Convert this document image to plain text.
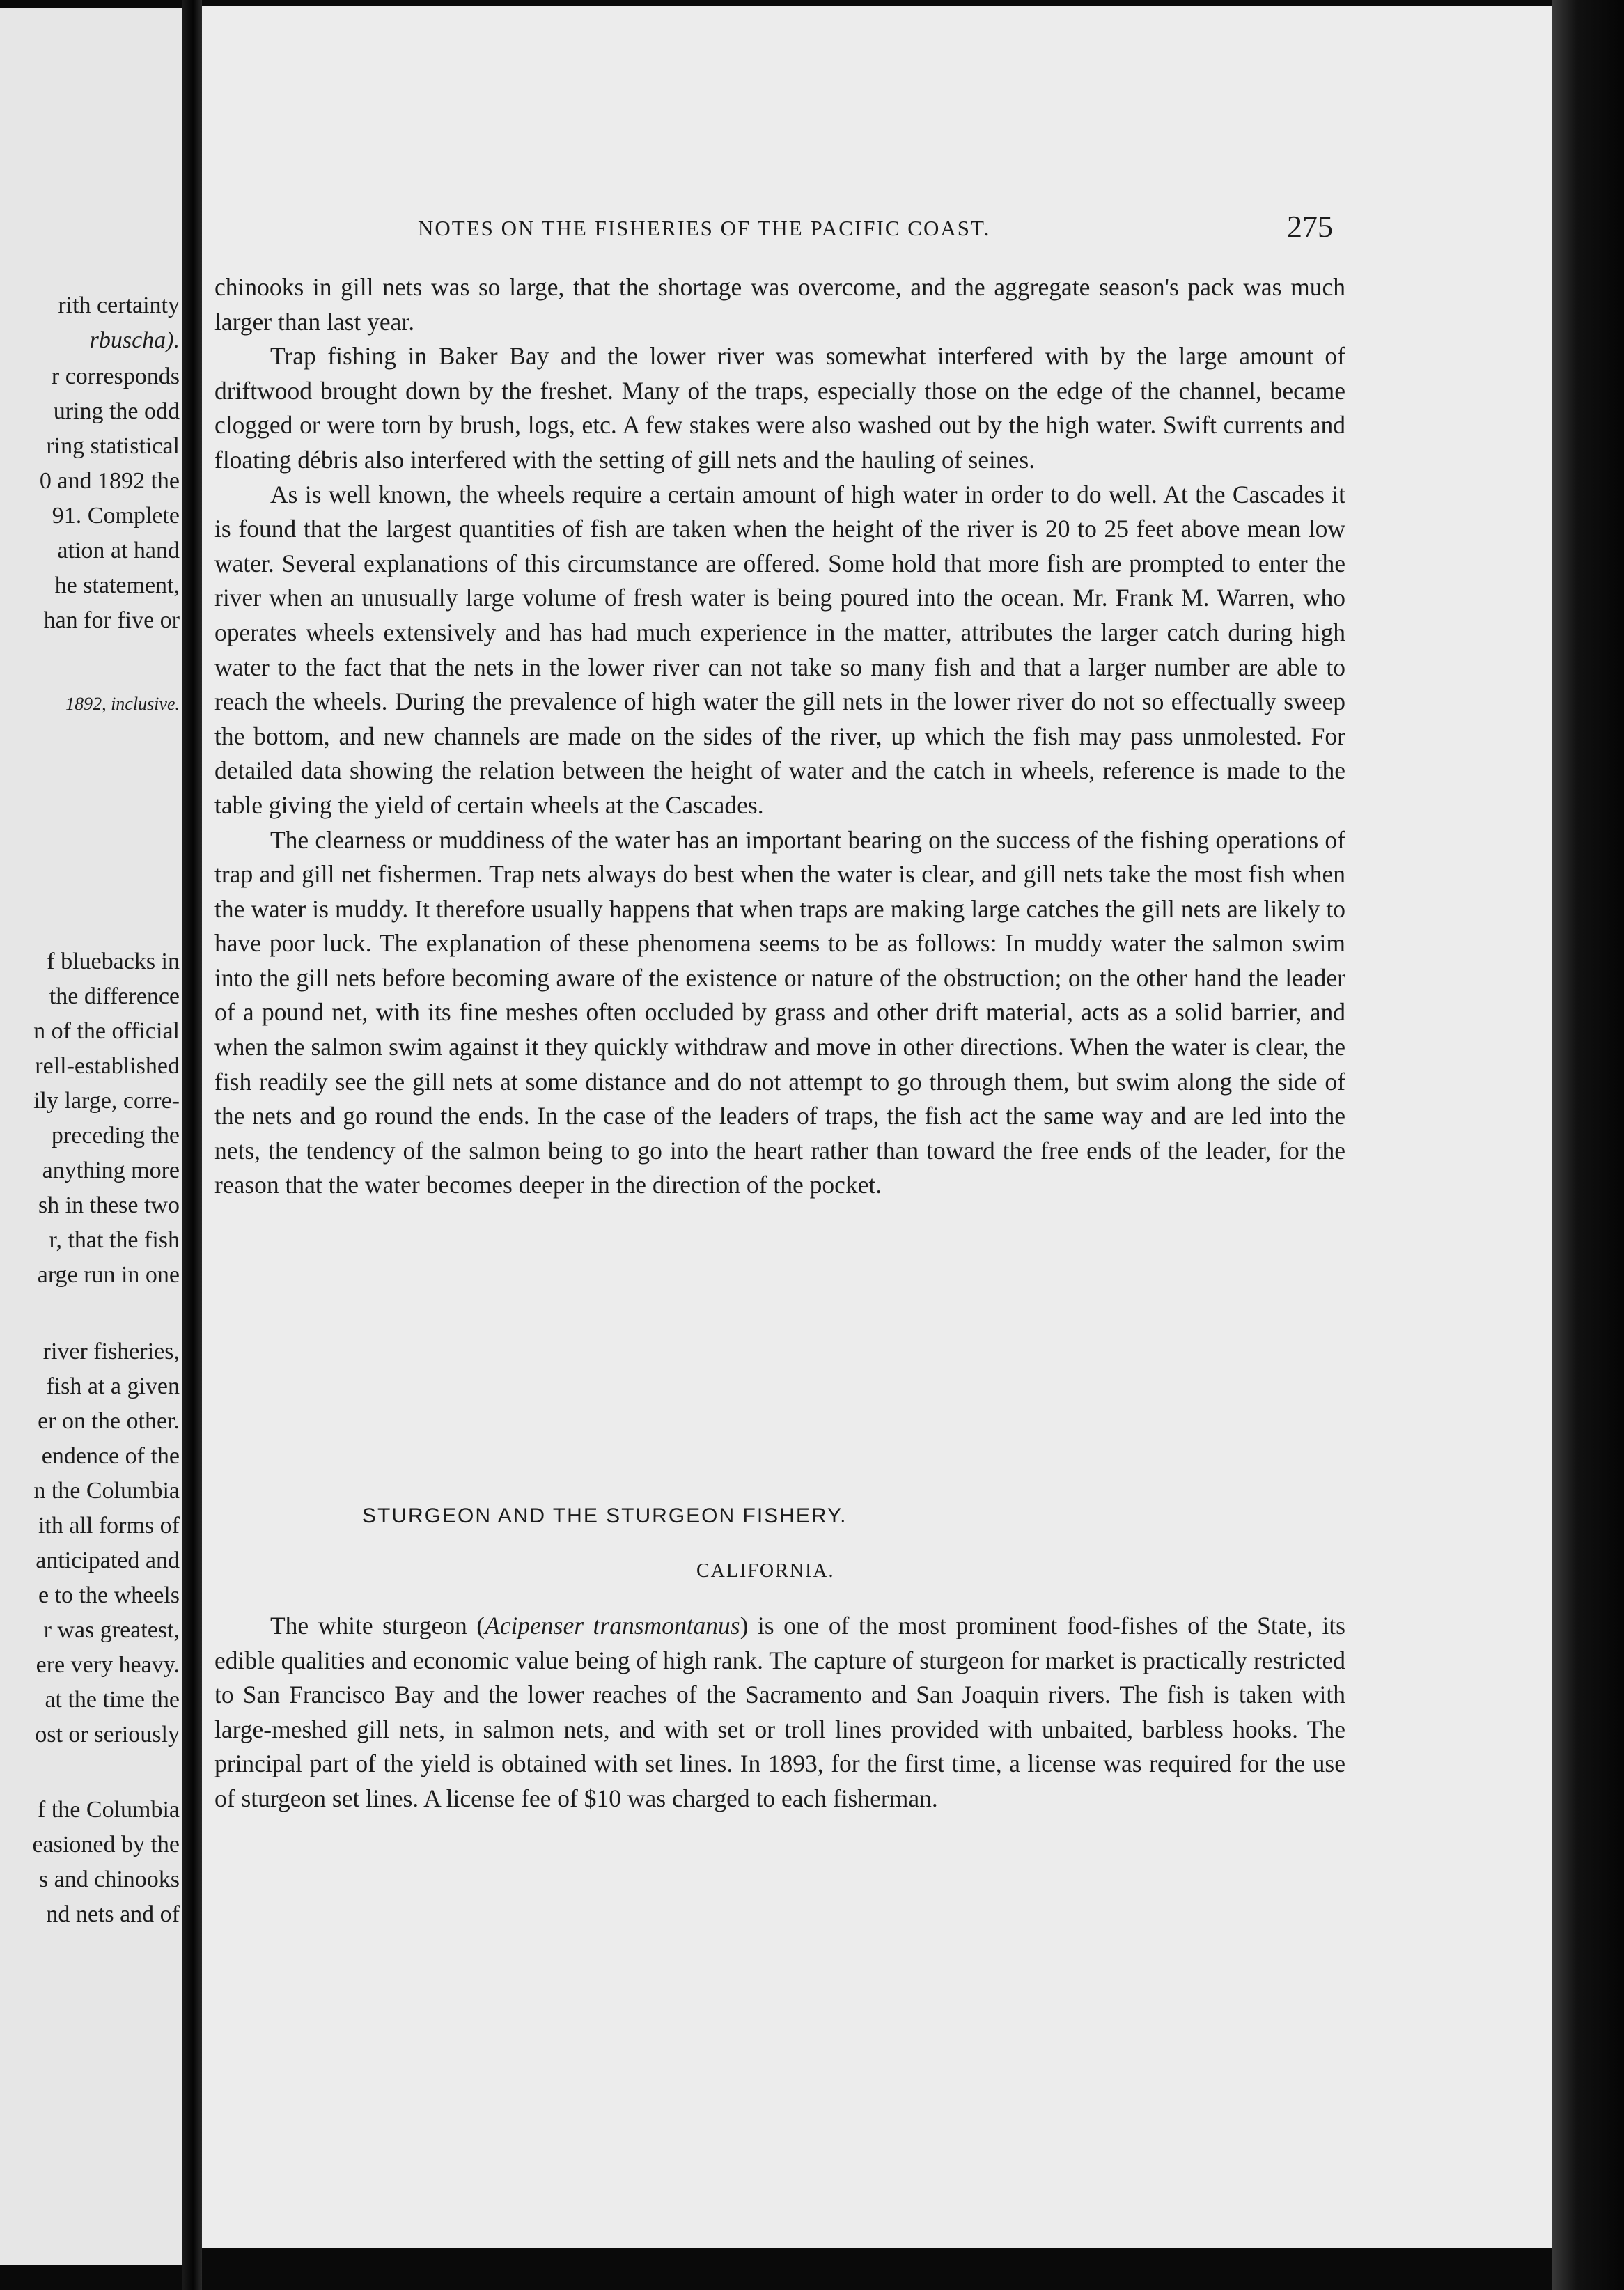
rith certainty
rbuscha).
r corresponds
uring the odd
ring statistical
0 and 1892 the
91. Complete
ation at hand
he statement,
han for five or
1892, inclusive.
f bluebacks in
the difference
n of the official
rell-established
ily large, corre-
preceding the
anything more
sh in these two
r, that the fish
arge run in one
river fisheries,
fish at a given
er on the other.
endence of the
n the Columbia
ith all forms of
anticipated and
e to the wheels
r was greatest,
ere very heavy.
at the time the
ost or seriously
f the Columbia
easioned by the
s and chinooks
nd nets and of
NOTES ON THE FISHERIES OF THE PACIFIC COAST.	275

chinooks in gill nets was so large, that the shortage was overcome, and the aggregate season's pack was much larger than last year.

Trap fishing in Baker Bay and the lower river was somewhat interfered with by the large amount of driftwood brought down by the freshet. Many of the traps, especially those on the edge of the channel, became clogged or were torn by brush, logs, etc. A few stakes were also washed out by the high water. Swift currents and floating débris also interfered with the setting of gill nets and the hauling of seines.

As is well known, the wheels require a certain amount of high water in order to do well. At the Cascades it is found that the largest quantities of fish are taken when the height of the river is 20 to 25 feet above mean low water. Several explanations of this circumstance are offered. Some hold that more fish are prompted to enter the river when an unusually large volume of fresh water is being poured into the ocean. Mr. Frank M. Warren, who operates wheels extensively and has had much experience in the matter, attributes the larger catch during high water to the fact that the nets in the lower river can not take so many fish and that a larger number are able to reach the wheels. During the prevalence of high water the gill nets in the lower river do not so effectually sweep the bottom, and new channels are made on the sides of the river, up which the fish may pass unmolested. For detailed data showing the relation between the height of water and the catch in wheels, reference is made to the table giving the yield of certain wheels at the Cascades.

The clearness or muddiness of the water has an important bearing on the success of the fishing operations of trap and gill net fishermen. Trap nets always do best when the water is clear, and gill nets take the most fish when the water is muddy. It therefore usually happens that when traps are making large catches the gill nets are likely to have poor luck. The explanation of these phenomena seems to be as follows: In muddy water the salmon swim into the gill nets before becoming aware of the existence or nature of the obstruction; on the other hand the leader of a pound net, with its fine meshes often occluded by grass and other drift material, acts as a solid barrier, and when the salmon swim against it they quickly withdraw and move in other directions. When the water is clear, the fish readily see the gill nets at some distance and do not attempt to go through them, but swim along the side of the nets and go round the ends. In the case of the leaders of traps, the fish act the same way and are led into the nets, the tendency of the salmon being to go into the heart rather than toward the free ends of the leader, for the reason that the water becomes deeper in the direction of the pocket.

STURGEON AND THE STURGEON FISHERY.
CALIFORNIA.

The white sturgeon (Acipenser transmontanus) is one of the most prominent food-fishes of the State, its edible qualities and economic value being of high rank. The capture of sturgeon for market is practically restricted to San Francisco Bay and the lower reaches of the Sacramento and San Joaquin rivers. The fish is taken with large-meshed gill nets, in salmon nets, and with set or troll lines provided with unbaited, barbless hooks. The principal part of the yield is obtained with set lines. In 1893, for the first time, a license was required for the use of sturgeon set lines. A license fee of $10 was charged to each fisherman.
